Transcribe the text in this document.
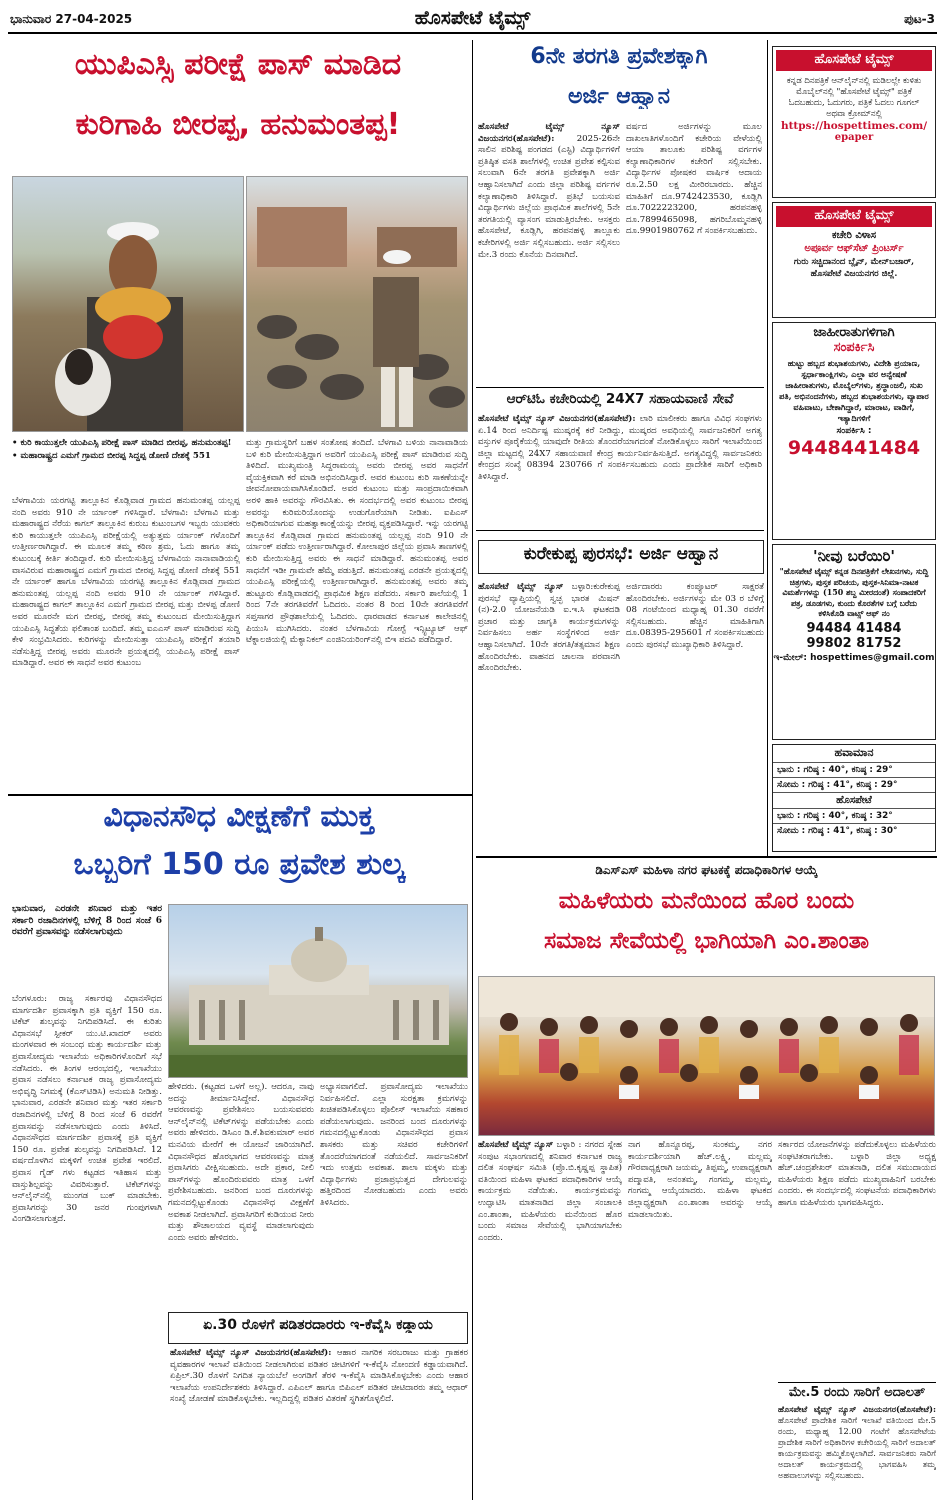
ಭಾನುವಾರ 27-04-2025	ಹೊಸಪೇಟೆ ಟೈಮ್ಸ್	ಪುಟ-3
ಯುಪಿಎಸ್ಸಿ ಪರೀಕ್ಷೆ ಪಾಸ್ ಮಾಡಿದ
ಕುರಿಗಾಹಿ ಬೀರಪ್ಪ, ಹನುಮಂತಪ್ಪ!

• ಕುರಿ ಕಾಯುತ್ತಲೇ ಯುಪಿಎಸ್ಸಿ ಪರೀಕ್ಷೆ ಪಾಸ್ ಮಾಡಿದ ಬೀರಪ್ಪ, ಹನುಮಂತಪ್ಪ!

• ಮಹಾರಾಷ್ಟ್ರದ ಎಮಗೆ ಗ್ರಾಮದ ಬೀರಪ್ಪ ಸಿದ್ದಪ್ಪ ಡೋಣಿ ದೇಶಕ್ಕೆ 551

ಬೆಳಗಾವಿಯ ಯರಗಟ್ಟಿ ತಾಲ್ಲೂಕಿನ ಕೊಡ್ಲಿವಾಡ ಗ್ರಾಮದ ಹನುಮಂತಪ್ಪ ಯಲ್ಲಪ್ಪ ನಂದಿ ಅವರು 910 ನೇ ರ್ಯಾಂಕ್ ಗಳಿಸಿದ್ದಾರೆ. ಬೆಳಗಾವಿ: ಬೆಳಗಾವಿ ಮತ್ತು ಮಹಾರಾಷ್ಟ್ರದ ನೆರೆಯ ಕಾಗಲ್ ತಾಲ್ಲೂಕಿನ ಕುರುಬ ಕುಟುಂಬಗಳ ಇಬ್ಬರು ಯುವಕರು ಕುರಿ ಕಾಯುತ್ತಲೇ ಯುಪಿಎಸ್ಸಿ ಪರೀಕ್ಷೆಯಲ್ಲಿ ಅತ್ಯುತ್ತಮ ರ್ಯಾಂಕ್ ಗಳೊಂದಿಗೆ ಉತ್ತೀರ್ಣರಾಗಿದ್ದಾರೆ. ಈ ಮೂಲಕ ತಮ್ಮ ಕಠಿಣ ಶ್ರಮ, ಓದು ಹಾಗೂ ತಮ್ಮ ಕುಟುಂಬಕ್ಕೆ ಕೀರ್ತಿ ತಂದಿದ್ದಾರೆ. ಕುರಿ ಮೇಯಿಸುತ್ತಿದ್ದ ಬೆಳಗಾವಿಯ ನಾನಾವಾಡಿಯಲ್ಲಿ ವಾಸವಿರುವ ಮಹಾರಾಷ್ಟ್ರದ ಎಮಗೆ ಗ್ರಾಮದ ಬೀರಪ್ಪ ಸಿದ್ದಪ್ಪ ಡೋಣಿ ದೇಶಕ್ಕೆ 551 ನೇ ರ್ಯಾಂಕ್ ಹಾಗೂ ಬೆಳಗಾವಿಯ ಯರಗಟ್ಟಿ ತಾಲ್ಲೂಕಿನ ಕೊಡ್ಲಿವಾಡ ಗ್ರಾಮದ ಹನುಮಂತಪ್ಪ ಯಲ್ಲಪ್ಪ ನಂದಿ ಅವರು 910 ನೇ ರ್ಯಾಂಕ್ ಗಳಿಸಿದ್ದಾರೆ. ಮಹಾರಾಷ್ಟ್ರದ ಕಾಗಲ್ ತಾಲ್ಲೂಕಿನ ಎಮಗೆ ಗ್ರಾಮದ ಬೀರಪ್ಪ ಮತ್ತು ಬೀಳಪ್ಪ ಡೋಣಿ ಅವರ ಮೂರನೇ ಮಗ ಬೀರಪ್ಪ, ಬೀರಪ್ಪ ತಮ್ಮ ಕುಟುಂಬದ ಮೇಯಿಸುತ್ತಿದ್ದಾಗ ಯುಪಿಎಸ್ಸಿ ಸಿದ್ಧತೆಯ ಫಲಿತಾಂಶ ಬಂದಿದೆ. ತಮ್ಮ ಐಎಎಸ್ ಪಾಸ್ ಮಾಡಿರುವ ಸುದ್ದಿ ಕೇಳಿ ಸಂಭ್ರಮಿಸಿದರು. ಕುರಿಗಳನ್ನು ಮೇಯಿಸುತ್ತಾ ಯುಪಿಎಸ್ಸಿ ಪರೀಕ್ಷೆಗೆ ತಯಾರಿ ನಡೆಸುತ್ತಿದ್ದ ಬೀರಪ್ಪ ಅವರು ಮೂರನೇ ಪ್ರಯತ್ನದಲ್ಲಿ ಯುಪಿಎಸ್ಸಿ ಪರೀಕ್ಷೆ ಪಾಸ್ ಮಾಡಿದ್ದಾರೆ. ಅವರ ಈ ಸಾಧನೆ ಅವರ ಕುಟುಂಬ
ಮತ್ತು ಗ್ರಾಮಸ್ಥರಿಗೆ ಬಹಳ ಸಂತೋಷ ತಂದಿದೆ. ಬೆಳಗಾವಿ ಬಳಿಯ ನಾನಾವಾಡಿಯ ಬಳಿ ಕುರಿ ಮೇಯಿಸುತ್ತಿದ್ದಾಗ ಅವರಿಗೆ ಯುಪಿಎಸ್ಸಿ ಪರೀಕ್ಷೆ ಪಾಸ್ ಮಾಡಿರುವ ಸುದ್ದಿ ತಿಳಿದಿದೆ. ಮುಖ್ಯಮಂತ್ರಿ ಸಿದ್ದರಾಮಯ್ಯ ಅವರು ಬೀರಪ್ಪ ಅವರ ಸಾಧನೆಗೆ ವೈಯಕ್ತಿಕವಾಗಿ ಕರೆ ಮಾಡಿ ಅಭಿನಂದಿಸಿದ್ದಾರೆ. ಅವರ ಕುಟುಂಬ ಕುರಿ ಸಾಕಣೆಯನ್ನೇ ಜೀವನೋಪಾಯವಾಗಿಸಿಕೊಂಡಿದೆ. ಅವರ ಕುಟುಂಬ ಮತ್ತು ಸಾಂಪ್ರದಾಯಿಕವಾಗಿ ಅರಳಿ ಹಾಕಿ ಅವರನ್ನು ಗೌರವಿಸಿತು. ಈ ಸಂದರ್ಭದಲ್ಲಿ ಅವರ ಕುಟುಂಬ ಬೀರಪ್ಪ ಅವರನ್ನು ಕುರಿಮರಿಯೊಂದನ್ನು ಉಡುಗೊರೆಯಾಗಿ ನೀಡಿತು. ಐಪಿಎಸ್ ಅಧಿಕಾರಿಯಾಗುವ ಮಹತ್ವಾಕಾಂಕ್ಷೆಯನ್ನು ಬೀರಪ್ಪ ವ್ಯಕ್ತಪಡಿಸಿದ್ದಾರೆ. ಇನ್ನು ಯರಗಟ್ಟಿ ತಾಲ್ಲೂಕಿನ ಕೊಡ್ಲಿವಾಡ ಗ್ರಾಮದ ಹನುಮಂತಪ್ಪ ಯಲ್ಲಪ್ಪ ನಂದಿ 910 ನೇ ರ್ಯಾಂಕ್ ಪಡೆದು ಉತ್ತೀರ್ಣರಾಗಿದ್ದಾರೆ. ಕೋಲಾಪುರ ಜಿಲ್ಲೆಯ ಪ್ರವಾಸಿ ತಾಣಗಳಲ್ಲಿ ಕುರಿ ಮೇಯಿಸುತ್ತಿದ್ದ ಅವರು ಈ ಸಾಧನೆ ಮಾಡಿದ್ದಾರೆ. ಹನುಮಂತಪ್ಪ ಅವರ ಸಾಧನೆಗೆ ಇಡೀ ಗ್ರಾಮವೇ ಹೆಮ್ಮೆ ಪಡುತ್ತಿದೆ. ಹನುಮಂತಪ್ಪ ಎರಡನೇ ಪ್ರಯತ್ನದಲ್ಲಿ ಯುಪಿಎಸ್ಸಿ ಪರೀಕ್ಷೆಯಲ್ಲಿ ಉತ್ತೀರ್ಣರಾಗಿದ್ದಾರೆ. ಹನುಮಂತಪ್ಪ ಅವರು ತಮ್ಮ ಹುಟ್ಟೂರು ಕೊಡ್ಲಿವಾಡದಲ್ಲಿ ಪ್ರಾಥಮಿಕ ಶಿಕ್ಷಣ ಪಡೆದರು. ಸರ್ಕಾರಿ ಶಾಲೆಯಲ್ಲಿ 1 ರಿಂದ 7ನೇ ತರಗತಿವರೆಗೆ ಓದಿದರು. ನಂತರ 8 ರಿಂದ 10ನೇ ತರಗತಿವರೆಗೆ ಸಪ್ತಸಾಗರ ಪ್ರೌಢಶಾಲೆಯಲ್ಲಿ ಓದಿದರು. ಧಾರವಾಡದ ಕರ್ನಾಟಕ ಕಾಲೇಜಿನಲ್ಲಿ ಪಿಯುಸಿ ಮುಗಿಸಿದರು. ನಂತರ ಬೆಳಗಾವಿಯ ಗೋಗ್ಟೆ ಇನ್ಸ್ಟಿಟ್ಯೂಟ್ ಆಫ್ ಟೆಕ್ನಾಲಜಿಯಲ್ಲಿ ಮೆಕ್ಯಾನಿಕಲ್ ಎಂಜಿನಿಯರಿಂಗ್‌ನಲ್ಲಿ ಬಿಇ ಪದವಿ ಪಡೆದಿದ್ದಾರೆ.
ವಿಧಾನಸೌಧ ವೀಕ್ಷಣೆಗೆ ಮುಕ್ತ
ಒಬ್ಬರಿಗೆ 150 ರೂ ಪ್ರವೇಶ ಶುಲ್ಕ
ಭಾನುವಾರ, ಎರಡನೇ ಶನಿವಾರ ಮತ್ತು ಇತರ ಸರ್ಕಾರಿ ರಜಾದಿನಗಳಲ್ಲಿ ಬೆಳಿಗ್ಗೆ 8 ರಿಂದ ಸಂಜೆ 6 ರವರೆಗೆ ಪ್ರವಾಸವನ್ನು ನಡೆಸಲಾಗುವುದು
ಬೆಂಗಳೂರು: ರಾಜ್ಯ ಸರ್ಕಾರವು ವಿಧಾನಸೌಧದ ಮಾರ್ಗದರ್ಶಿ ಪ್ರವಾಸಕ್ಕಾಗಿ ಪ್ರತಿ ವ್ಯಕ್ತಿಗೆ 150 ರೂ. ಟಿಕೆಟ್ ಶುಲ್ಕವನ್ನು ನಿಗದಿಪಡಿಸಿದೆ. ಈ ಕುರಿತು ವಿಧಾನಸಭೆ ಸ್ಪೀಕರ್ ಯು.ಟಿ.ಖಾದರ್ ಅವರು ಮಂಗಳವಾರ ಈ ಸಂಬಂಧ ಮತ್ತು ಕಾರ್ಯದರ್ಶಿ ಮತ್ತು ಪ್ರವಾಸೋದ್ಯಮ ಇಲಾಖೆಯ ಅಧಿಕಾರಿಗಳೊಂದಿಗೆ ಸಭೆ ನಡೆಸಿದರು. ಈ ತಿಂಗಳ ಆರಂಭದಲ್ಲಿ, ಇಲಾಖೆಯು ಪ್ರವಾಸ ನಡೆಸಲು ಕರ್ನಾಟಕ ರಾಜ್ಯ ಪ್ರವಾಸೋದ್ಯಮ ಅಭಿವೃದ್ಧಿ ನಿಗಮಕ್ಕೆ (ಕೆಎಸ್‌ಟಿಡಿಸಿ) ಅನುಮತಿ ನೀಡಿತ್ತು. ಭಾನುವಾರ, ಎರಡನೇ ಶನಿವಾರ ಮತ್ತು ಇತರ ಸರ್ಕಾರಿ ರಜಾದಿನಗಳಲ್ಲಿ ಬೆಳಿಗ್ಗೆ 8 ರಿಂದ ಸಂಜೆ 6 ರವರೆಗೆ ಪ್ರವಾಸವನ್ನು ನಡೆಸಲಾಗುವುದು ಎಂದು ತಿಳಿಸಿದೆ. ವಿಧಾನಸೌಧದ ಮಾರ್ಗದರ್ಶಿ ಪ್ರವಾಸಕ್ಕೆ ಪ್ರತಿ ವ್ಯಕ್ತಿಗೆ 150 ರೂ. ಪ್ರವೇಶ ಶುಲ್ಕವನ್ನು ನಿಗದಿಪಡಿಸಿದೆ. 12 ವರ್ಷದೊಳಗಿನ ಮಕ್ಕಳಿಗೆ ಉಚಿತ ಪ್ರವೇಶ ಇರಲಿದೆ. ಪ್ರವಾಸ ಗೈಡ್ ಗಳು ಕಟ್ಟಡದ ಇತಿಹಾಸ ಮತ್ತು ವಾಸ್ತುಶಿಲ್ಪವನ್ನು ವಿವರಿಸುತ್ತಾರೆ. ಟಿಕೆಟ್‌ಗಳನ್ನು ಆನ್‌ಲೈನ್‌ನಲ್ಲಿ ಮುಂಗಡ ಬುಕ್ ಮಾಡಬೇಕು. ಪ್ರವಾಸಿಗರನ್ನು 30 ಜನರ ಗುಂಪುಗಳಾಗಿ ವಿಂಗಡಿಸಲಾಗುತ್ತದೆ.
ಹೇಳಿದರು. (ಕಟ್ಟಡದ ಒಳಗೆ ಅಲ್ಲ). ಆದರೂ, ನಾವು ಅದನ್ನು ತೀರ್ಮಾನಿಸಿದ್ದೇವೆ. ವಿಧಾನಸೌಧ ಆವರಣವನ್ನು ಪ್ರವೇಶಿಸಲು ಬಯಸುವವರು ಆನ್‌ಲೈನ್‌ನಲ್ಲಿ ಟಿಕೆಟ್‌ಗಳನ್ನು ಪಡೆಯಬೇಕು ಎಂದು ಅವರು ಹೇಳಿದರು. ಡಿಸಿಎಂ ಡಿ.ಕೆ.ಶಿವಕುಮಾರ್ ಅವರ ಮನವಿಯ ಮೇರೆಗೆ ಈ ಯೋಜನೆ ಜಾರಿಯಾಗಿದೆ. ವಿಧಾನಸೌಧದ ಹೊರಭಾಗದ ಆವರಣವನ್ನು ಮಾತ್ರ ಪ್ರವಾಸಿಗರು ವೀಕ್ಷಿಸಬಹುದು. ಅದೇ ಪ್ರಕಾರ, ನೀಲಿ ಪಾಸ್‌ಗಳನ್ನು ಹೊಂದಿರುವವರು ಮಾತ್ರ ಒಳಗೆ ಪ್ರವೇಶಿಸಬಹುದು. ಜನರಿಂದ ಬಂದ ದೂರುಗಳನ್ನು ಗಮನದಲ್ಲಿಟ್ಟುಕೊಂಡು ವಿಧಾನಸೌಧ ವೀಕ್ಷಣೆಗೆ ಅವಕಾಶ ನೀಡಲಾಗಿದೆ. ಪ್ರವಾಸಿಗರಿಗೆ ಕುಡಿಯುವ ನೀರು ಮತ್ತು ಶೌಚಾಲಯದ ವ್ಯವಸ್ಥೆ ಮಾಡಲಾಗುವುದು ಎಂದು ಅವರು ಹೇಳಿದರು.
ಅಭ್ಯಾಸವಾಗಲಿದೆ. ಪ್ರವಾಸೋದ್ಯಮ ಇಲಾಖೆಯು ನಿರ್ವಹಿಸಲಿದೆ. ಎಲ್ಲಾ ಸುರಕ್ಷತಾ ಕ್ರಮಗಳನ್ನು ಖಚಿತಪಡಿಸಿಕೊಳ್ಳಲು ಪೊಲೀಸ್ ಇಲಾಖೆಯ ಸಹಕಾರ ಪಡೆಯಲಾಗುವುದು. ಜನರಿಂದ ಬಂದ ದೂರುಗಳನ್ನು ಗಮನದಲ್ಲಿಟ್ಟುಕೊಂಡು ವಿಧಾನಸೌಧದ ಪ್ರವಾಸ ಶಾಸಕರು ಮತ್ತು ಸಚಿವರ ಕಚೇರಿಗಳಿಗೆ ತೊಂದರೆಯಾಗದಂತೆ ನಡೆಯಲಿದೆ. ಸಾರ್ವಜನಿಕರಿಗೆ ಇದು ಉತ್ತಮ ಅವಕಾಶ. ಶಾಲಾ ಮಕ್ಕಳು ಮತ್ತು ವಿದ್ಯಾರ್ಥಿಗಳು ಪ್ರಜಾಪ್ರಭುತ್ವದ ದೇಗುಲವನ್ನು ಹತ್ತಿರದಿಂದ ನೋಡಬಹುದು ಎಂದು ಅವರು ತಿಳಿಸಿದರು.
ಏ.30 ರೊಳಗೆ ಪಡಿತರದಾರರು ಇ-ಕೆವೈಸಿ ಕಡ್ಡಾಯ
ಹೊಸಪೇಟೆ ಟೈಮ್ಸ್ ನ್ಯೂಸ್ ವಿಜಯನಗರ(ಹೊಸಪೇಟೆ): ಆಹಾರ ನಾಗರಿಕ ಸರಬರಾಜು ಮತ್ತು ಗ್ರಾಹಕರ ವ್ಯವಹಾರಗಳ ಇಲಾಖೆ ವತಿಯಿಂದ ನೀಡಲಾಗಿರುವ ಪಡಿತರ ಚೀಟಿಗಳಿಗೆ ಇ-ಕೆವೈಸಿ ನೋಂದಣಿ ಕಡ್ಡಾಯವಾಗಿದೆ. ಏಪ್ರಿಲ್.30 ರೊಳಗೆ ನಿಗದಿತ ನ್ಯಾಯಬೆಲೆ ಅಂಗಡಿಗೆ ತೆರಳಿ ಇ-ಕೆವೈಸಿ ಮಾಡಿಸಿಕೊಳ್ಳಬೇಕು ಎಂದು ಆಹಾರ ಇಲಾಖೆಯ ಉಪನಿರ್ದೇಶಕರು ತಿಳಿಸಿದ್ದಾರೆ. ಎಪಿಎಲ್ ಹಾಗೂ ಬಿಪಿಎಲ್ ಪಡಿತರ ಚೀಟಿದಾರರು ತಮ್ಮ ಆಧಾರ್ ಸಂಖ್ಯೆ ಜೋಡಣೆ ಮಾಡಿಕೊಳ್ಳಬೇಕು. ಇಲ್ಲದಿದ್ದಲ್ಲಿ ಪಡಿತರ ವಿತರಣೆ ಸ್ಥಗಿತಗೊಳ್ಳಲಿದೆ.
6ನೇ ತರಗತಿ ಪ್ರವೇಶಕ್ಕಾಗಿ
ಅರ್ಜಿ ಆಹ್ವಾನ
ಹೊಸಪೇಟೆ ಟೈಮ್ಸ್ ನ್ಯೂಸ್ ವಿಜಯನಗರ(ಹೊಸಪೇಟೆ):	2025-26ನೇ ಸಾಲಿನ ಪರಿಶಿಷ್ಟ ಪಂಗಡದ (ಎಸ್ಟಿ) ವಿದ್ಯಾರ್ಥಿಗಳಿಗೆ ಪ್ರತಿಷ್ಠಿತ ವಸತಿ ಶಾಲೆಗಳಲ್ಲಿ ಉಚಿತ ಪ್ರವೇಶ ಕಲ್ಪಿಸುವ ಸಲುವಾಗಿ 6ನೇ ತರಗತಿ ಪ್ರವೇಶಕ್ಕಾಗಿ ಅರ್ಜಿ ಆಹ್ವಾನಿಸಲಾಗಿದೆ ಎಂದು ಜಿಲ್ಲಾ ಪರಿಶಿಷ್ಟ ವರ್ಗಗಳ ಕಲ್ಯಾಣಾಧಿಕಾರಿ ತಿಳಿಸಿದ್ದಾರೆ. ಪ್ರತಿಭೆ ಬಯಸುವ ವಿದ್ಯಾರ್ಥಿಗಳು ಜಿಲ್ಲೆಯ ಪ್ರಾಥಮಿಕ ಶಾಲೆಗಳಲ್ಲಿ 5ನೇ ತರಗತಿಯಲ್ಲಿ ವ್ಯಾಸಂಗ ಮಾಡುತ್ತಿರಬೇಕು. ಆಸಕ್ತರು ಹೊಸಪೇಟೆ, ಕೂಡ್ಲಿಗಿ, ಹರಪನಹಳ್ಳಿ ತಾಲ್ಲೂಕು ಕಚೇರಿಗಳಲ್ಲಿ ಅರ್ಜಿ ಸಲ್ಲಿಸಬಹುದು. ಅರ್ಜಿ ಸಲ್ಲಿಸಲು ಮೇ.3 ರಂದು ಕೊನೆಯ ದಿನವಾಗಿದೆ.
ವರ್ಷದ ಅರ್ಜಿಗಳನ್ನು ಮೂಲ ದಾಖಲಾತಿಗಳೊಂದಿಗೆ ಕಚೇರಿಯ ವೇಳೆಯಲ್ಲಿ ಆಯಾ ತಾಲೂಕು ಪರಿಶಿಷ್ಟ ವರ್ಗಗಳ ಕಲ್ಯಾಣಾಧಿಕಾರಿಗಳ ಕಚೇರಿಗೆ ಸಲ್ಲಿಸಬೇಕು. ವಿದ್ಯಾರ್ಥಿಗಳ ಪೋಷಕರ ವಾರ್ಷಿಕ ಆದಾಯ ರೂ.2.50 ಲಕ್ಷ ಮೀರಿರಬಾರದು. ಹೆಚ್ಚಿನ ಮಾಹಿತಿಗೆ ದೂ.9742423530, ಕೂಡ್ಲಿಗಿ ದೂ.7022223200, ಹರಪನಹಳ್ಳಿ ದೂ.7899465098, ಹಗರಿಬೊಮ್ಮನಹಳ್ಳಿ ದೂ.9901980762 ಗೆ ಸಂಪರ್ಕಿಸಬಹುದು.
ಆರ್‌ಟಿಓ ಕಚೇರಿಯಲ್ಲಿ 24X7 ಸಹಾಯವಾಣಿ ಸೇವೆ
ಹೊಸಪೇಟೆ ಟೈಮ್ಸ್ ನ್ಯೂಸ್ ವಿಜಯನಗರ(ಹೊಸಪೇಟೆ): ಲಾರಿ ಮಾಲೀಕರು ಹಾಗೂ ವಿವಿಧ ಸಂಘಗಳು ಏ.14 ರಿಂದ ಅನಿರ್ದಿಷ್ಟ ಮುಷ್ಕರಕ್ಕೆ ಕರೆ ನೀಡಿದ್ದು, ಮುಷ್ಕರದ ಅವಧಿಯಲ್ಲಿ ಸಾರ್ವಜನಿಕರಿಗೆ ಅಗತ್ಯ ವಸ್ತುಗಳ ಪೂರೈಕೆಯಲ್ಲಿ ಯಾವುದೇ ರೀತಿಯ ತೊಂದರೆಯಾಗದಂತೆ ನೋಡಿಕೊಳ್ಳಲು ಸಾರಿಗೆ ಇಲಾಖೆಯಿಂದ ಜಿಲ್ಲಾ ಮಟ್ಟದಲ್ಲಿ 24X7 ಸಹಾಯವಾಣಿ ಕೇಂದ್ರ ಕಾರ್ಯನಿರ್ವಹಿಸುತ್ತಿದೆ. ಅಗತ್ಯವಿದ್ದಲ್ಲಿ ಸಾರ್ವಜನಿಕರು ಕೇಂದ್ರದ ಸಂಖ್ಯೆ 08394 230766 ಗೆ ಸಂಪರ್ಕಿಸಬಹುದು ಎಂದು ಪ್ರಾದೇಶಿಕ ಸಾರಿಗೆ ಅಧಿಕಾರಿ ತಿಳಿಸಿದ್ದಾರೆ.
ಕುರೇಕುಪ್ಪ ಪುರಸಭೆ: ಅರ್ಜಿ ಆಹ್ವಾನ
ಹೊಸಪೇಟೆ ಟೈಮ್ಸ್ ನ್ಯೂಸ್ ಬಳ್ಳಾರಿ:ಕುರೇಕುಪ್ಪ ಪುರಸಭೆ ವ್ಯಾಪ್ತಿಯಲ್ಲಿ ಸ್ವಚ್ಛ ಭಾರತ ಮಿಷನ್ (ನ)-2.0 ಯೋಜನೆಯಡಿ ಐ.ಇ.ಸಿ ಘಟಕದಡಿ ಪ್ರಚಾರ ಮತ್ತು ಜಾಗೃತಿ ಕಾರ್ಯಕ್ರಮಗಳನ್ನು ನಿರ್ವಹಿಸಲು ಅರ್ಹ ಸಂಸ್ಥೆಗಳಿಂದ ಅರ್ಜಿ ಆಹ್ವಾನಿಸಲಾಗಿದೆ. 10ನೇ ತರಗತಿ/ತತ್ಸಮಾನ ಶಿಕ್ಷಣ ಹೊಂದಿರಬೇಕು. ವಾಹನದ ಚಾಲನಾ ಪರವಾನಗಿ ಹೊಂದಿರಬೇಕು.
ಅರ್ಜಿದಾರರು ಕಂಪ್ಯೂಟರ್ ಸಾಕ್ಷರತೆ ಹೊಂದಿರಬೇಕು. ಅರ್ಜಿಗಳನ್ನು ಮೇ 03 ರ ಬೆಳಿಗ್ಗೆ 08 ಗಂಟೆಯಿಂದ ಮಧ್ಯಾಹ್ನ 01.30 ರವರೆಗೆ ಸಲ್ಲಿಸಬಹುದು. ಹೆಚ್ಚಿನ ಮಾಹಿತಿಗಾಗಿ ದೂ.08395-295601 ಗೆ ಸಂಪರ್ಕಿಸಬಹುದು ಎಂದು ಪುರಸಭೆ ಮುಖ್ಯಾಧಿಕಾರಿ ತಿಳಿಸಿದ್ದಾರೆ.
ಹೊಸಪೇಟೆ ಟೈಮ್ಸ್
ಕನ್ನಡ ದಿನಪತ್ರಿಕೆ ಆನ್‌ಲೈನ್‌ನಲ್ಲಿ ಮಡಿಲಲ್ಲೇ ಕುಳಿತು ಮೊಬೈಲ್‌ನಲ್ಲಿ "ಹೊಸಪೇಟೆ ಟೈಮ್ಸ್" ಪತ್ರಿಕೆ ಓದಬಹುದು, ಓದುಗರು, ಪತ್ರಿಕೆ ಓದಲು ಗೂಗಲ್ ಅಥವಾ ಕ್ರೋಮ್‌ನಲ್ಲಿ
https://hospettimes.com/
epaper
ಹೊಸಪೇಟೆ ಟೈಮ್ಸ್
ಕಚೇರಿ ವಿಳಾಸ
ಅಪೂರ್ವ ಆಫ್‌ಸೆಟ್ ಪ್ರಿಂಟರ್ಸ್
ಗುರು ಸಚ್ಚಿದಾನಂದ ಬ್ಲೈನ್, ಮೇನ್‌ಬಜಾರ್, ಹೊಸಪೇಟೆ ವಿಜಯನಗರ ಜಿಲ್ಲೆ.
ಜಾಹೀರಾತುಗಳಿಗಾಗಿ
ಸಂಪರ್ಕಿಸಿ
ಹುಟ್ಟು ಹಬ್ಬದ ಶುಭಾಶಯಗಳು, ವಿದೇಶಿ ಪ್ರಯಾಣ, ಸ್ಪರ್ಧಾಕಾಂಕ್ಷಿಗಳು, ಎಲ್ಲಾ ವರ ಅನ್ವೇಷಣೆ ಜಾಹೀರಾತುಗಳು, ಮೊಬೈಲ್‌ಗಳು, ಶ್ರದ್ಧಾಂಜಲಿ, ಸುಖ ಪತಿ, ಅಭಿನಂದನೆಗಳು, ಹಬ್ಬದ ಶುಭಾಶಯಗಳು, ವ್ಯಾಪಾರ ವಹಿವಾಟು, ಬೇಕಾಗಿದ್ದಾರೆ, ಮಾರಾಟ, ವಾಡಿಗೆ, ಇತ್ಯಾದಿಗಳಿಗೆ
ಸಂಪರ್ಕಿಸಿ :
9448441484
'ನೀವು ಬರೆಯಿರಿ'
"ಹೊಸಪೇಟೆ ಟೈಮ್ಸ್ ಕನ್ನಡ ದಿನಪತ್ರಿಕೆಗೆ ಲೇಖನಗಳು, ಸುದ್ದಿ ಚಿತ್ರಗಳು, ಪುಸ್ತಕ ಪರಿಚಯ, ಪುಸ್ತಕ-ಸಿನಿಮಾ-ನಾಟಕ ವಿಮರ್ಶೆಗಳನ್ನು (150 ಶಬ್ದ ಮೀರದಂತೆ) ಸಂಪಾದಕರಿಗೆ ಪತ್ರ, ಡೂಡಗಳು, ಕುಂದು ಕೊರತೆಗಳ ಬಗ್ಗೆ ಬರೆದು ಕಳಿಸಿಕೊಡಿ ವಾಟ್ಸ್ ಆಫ್ ನಂ
94484 41484
99802 81752
ಇ-ಮೇಲ್: hospettimes@gmail.com
ಹವಾಮಾನ
ಭಾನು : ಗರಿಷ್ಠ : 40°, ಕನಿಷ್ಠ : 29°
ಸೋಮ : ಗರಿಷ್ಠ : 41°, ಕನಿಷ್ಠ : 29°
ಹೊಸಪೇಟೆ
ಭಾನು : ಗರಿಷ್ಠ : 40°, ಕನಿಷ್ಠ : 32°
ಸೋಮ : ಗರಿಷ್ಠ : 41°, ಕನಿಷ್ಠ : 30°
ಡಿಎಸ್ಎಸ್ ಮಹಿಳಾ ನಗರ ಘಟಕಕ್ಕೆ ಪದಾಧಿಕಾರಿಗಳ ಆಯ್ಕೆ
ಮಹಿಳೆಯರು ಮನೆಯಿಂದ ಹೊರ ಬಂದು
ಸಮಾಜ ಸೇವೆಯಲ್ಲಿ ಭಾಗಿಯಾಗಿ ಎಂ.ಶಾಂತಾ
ಹೊಸಪೇಟೆ ಟೈಮ್ಸ್ ನ್ಯೂಸ್ ಬಳ್ಳಾರಿ : ನಗರದ ಸ್ನೇಹ ಸಂಪುಟ ಸಭಾಂಗಣದಲ್ಲಿ ಶನಿವಾರ ಕರ್ನಾಟಕ ರಾಜ್ಯ ದಲಿತ ಸಂಘರ್ಷ ಸಮಿತಿ (ಪ್ರೊ.ಬಿ.ಕೃಷ್ಣಪ್ಪ ಸ್ಥಾಪಿತ) ವತಿಯಿಂದ ಮಹಿಳಾ ಘಟಕದ ಪದಾಧಿಕಾರಿಗಳ ಆಯ್ಕೆ ಕಾರ್ಯಕ್ರಮ ನಡೆಯಿತು. ಕಾರ್ಯಕ್ರಮವನ್ನು ಉದ್ಘಾಟಿಸಿ ಮಾತನಾಡಿದ ಜಿಲ್ಲಾ ಸಂಚಾಲಕಿ ಎಂ.ಶಾಂತಾ, ಮಹಿಳೆಯರು ಮನೆಯಿಂದ ಹೊರ ಬಂದು ಸಮಾಜ ಸೇವೆಯಲ್ಲಿ ಭಾಗಿಯಾಗಬೇಕು ಎಂದರು.
ನಾಗ ಹೊನ್ನೂರಪ್ಪ, ಸುಂಕಮ್ಮ, ನಗರ ಕಾರ್ಯದರ್ಶಿಯಾಗಿ ಹೆಚ್.ಲಕ್ಷ್ಮಿ, ಮಲ್ಲಮ್ಮ ಗೌರವಾಧ್ಯಕ್ಷರಾಗಿ ಜಯಮ್ಮ, ತಿಪ್ಪಮ್ಮ, ಉಪಾಧ್ಯಕ್ಷರಾಗಿ ಪದ್ಮಾವತಿ, ಅನಂತಮ್ಮ, ಗಂಗಮ್ಮ, ಮಲ್ಲಮ್ಮ, ಗಂಗಮ್ಮ ಆಯ್ಕೆಯಾದರು. ಮಹಿಳಾ ಘಟಕದ ಜಿಲ್ಲಾಧ್ಯಕ್ಷರಾಗಿ ಎಂ.ಶಾಂತಾ ಅವರನ್ನು ಆಯ್ಕೆ ಮಾಡಲಾಯಿತು.
ಸರ್ಕಾರದ ಯೋಜನೆಗಳನ್ನು ಪಡೆದುಕೊಳ್ಳಲು ಮಹಿಳೆಯರು ಸಂಘಟಿತರಾಗಬೇಕು. ಬಳ್ಳಾರಿ ಜಿಲ್ಲಾ ಅಧ್ಯಕ್ಷ ಹೆಚ್.ಚಂದ್ರಶೇಖರ್ ಮಾತನಾಡಿ, ದಲಿತ ಸಮುದಾಯದ ಮಹಿಳೆಯರು ಶಿಕ್ಷಣ ಪಡೆದು ಮುಖ್ಯವಾಹಿನಿಗೆ ಬರಬೇಕು ಎಂದರು. ಈ ಸಂದರ್ಭದಲ್ಲಿ ಸಂಘಟನೆಯ ಪದಾಧಿಕಾರಿಗಳು ಹಾಗೂ ಮಹಿಳೆಯರು ಭಾಗವಹಿಸಿದ್ದರು.
ಮೇ.5 ರಂದು ಸಾರಿಗೆ ಅದಾಲತ್
ಹೊಸಪೇಟೆ ಟೈಮ್ಸ್ ನ್ಯೂಸ್ ವಿಜಯನಗರ(ಹೊಸಪೇಟೆ): ಹೊಸಪೇಟೆ ಪ್ರಾದೇಶಿಕ ಸಾರಿಗೆ ಇಲಾಖೆ ವತಿಯಿಂದ ಮೇ.5 ರಂದು, ಮಧ್ಯಾಹ್ನ 12.00 ಗಂಟೆಗೆ ಹೊಸಪೇಟೆಯ ಪ್ರಾದೇಶಿಕ ಸಾರಿಗೆ ಅಧಿಕಾರಿಗಳ ಕಚೇರಿಯಲ್ಲಿ ಸಾರಿಗೆ ಅದಾಲತ್ ಕಾರ್ಯಕ್ರಮವನ್ನು ಹಮ್ಮಿಕೊಳ್ಳಲಾಗಿದೆ. ಸಾರ್ವಜನಿಕರು ಸಾರಿಗೆ ಅದಾಲತ್ ಕಾರ್ಯಕ್ರಮದಲ್ಲಿ ಭಾಗವಹಿಸಿ ತಮ್ಮ ಅಹವಾಲುಗಳನ್ನು ಸಲ್ಲಿಸಬಹುದು.
